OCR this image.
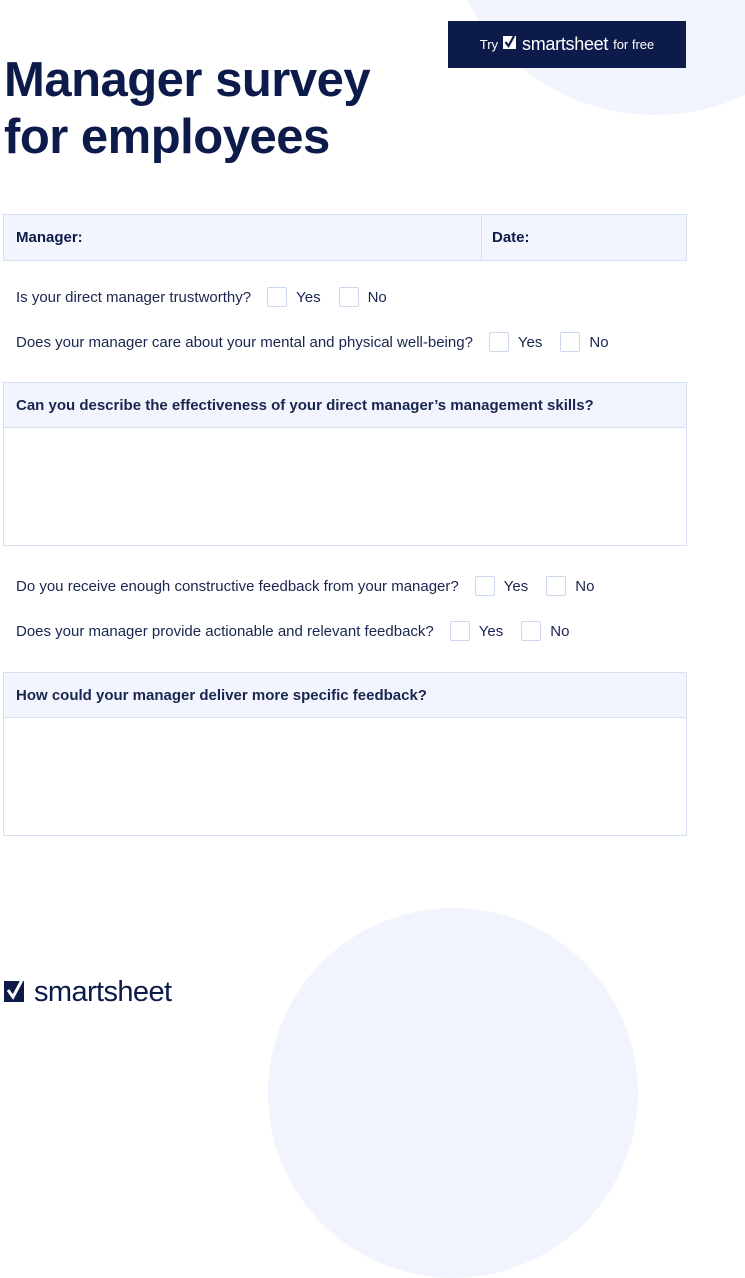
Try smartsheet for free
Manager survey
for employees
Manager:	Date:
Is your direct manager trustworthy?	Yes	No
Does your manager care about your mental and physical well-being?	Yes	No
Can you describe the effectiveness of your direct manager’s management skills?
Do you receive enough constructive feedback from your manager?	Yes	No
Does your manager provide actionable and relevant feedback?	Yes	No
How could your manager deliver more specific feedback?
smartsheet
